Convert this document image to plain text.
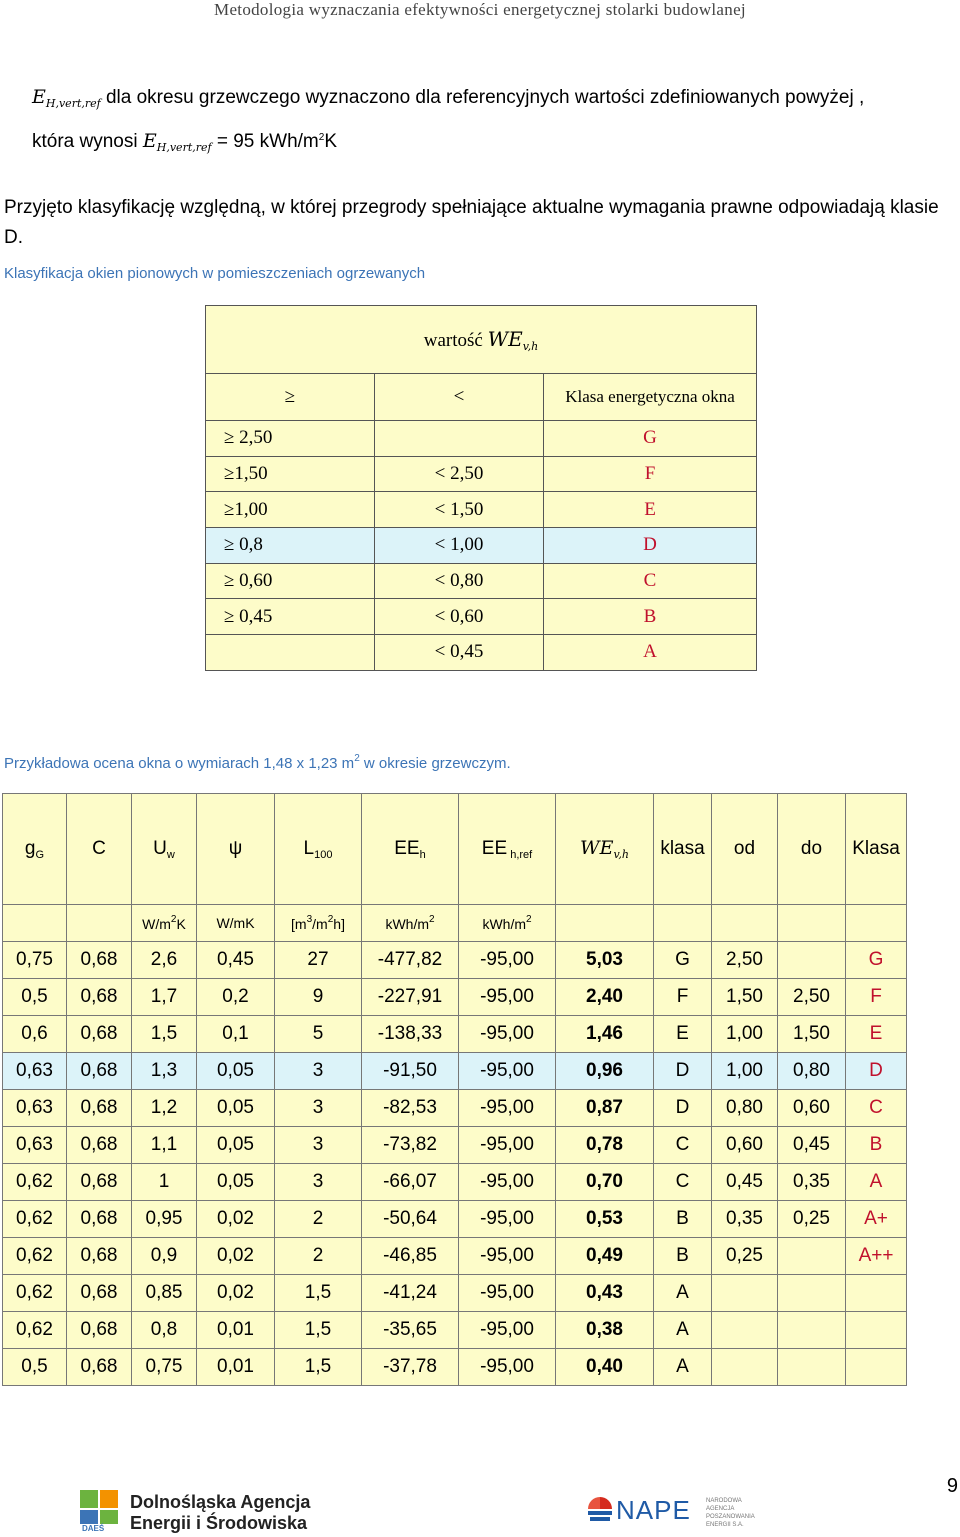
Metodologia wyznaczania efektywności energetycznej stolarki budowlanej
$E_{H,vert,ref}$ dla okresu grzewczego wyznaczono dla referencyjnych wartości zdefiniowanych powyżej ,
która wynosi $E_{H,vert,ref} = 95$ kWh/$m^2K$
Przyjęto klasyfikację względną, w której przegrody spełniające aktualne wymagania prawne odpowiadają klasie D.
Klasyfikacja okien pionowych w pomieszczeniach ogrzewanych
wartość $WE_{v,h}$
≥	<	Klasa energetyczna okna
≥ 2,50		G
≥1,50	< 2,50	F
≥1,00	< 1,50	E
≥ 0,8	< 1,00	D
≥ 0,60	< 0,80	C
≥ 0,45	< 0,60	B
	< 0,45	A
Przykładowa ocena okna o wymiarach 1,48 x 1,23 $m^2$ w okresie grzewczym.
$g_G$	C	$U_w$	ψ	$L_{100}$	$EE_h$	EE $_{h,ref}$	$WE_{v,h}$	klasa	od	do	Klasa
		$W/m^2K$	W/mK	$[m^3/m^2h]$	kWh/$m^2$	kWh/$m^2$					
0,75	0,68	2,6	0,45	27	-477,82	-95,00	5,03	G	2,50		G
0,5	0,68	1,7	0,2	9	-227,91	-95,00	2,40	F	1,50	2,50	F
0,6	0,68	1,5	0,1	5	-138,33	-95,00	1,46	E	1,00	1,50	E
0,63	0,68	1,3	0,05	3	-91,50	-95,00	0,96	D	1,00	0,80	D
0,63	0,68	1,2	0,05	3	-82,53	-95,00	0,87	D	0,80	0,60	C
0,63	0,68	1,1	0,05	3	-73,82	-95,00	0,78	C	0,60	0,45	B
0,62	0,68	1	0,05	3	-66,07	-95,00	0,70	C	0,45	0,35	A
0,62	0,68	0,95	0,02	2	-50,64	-95,00	0,53	B	0,35	0,25	A+
0,62	0,68	0,9	0,02	2	-46,85	-95,00	0,49	B	0,25		A++
0,62	0,68	0,85	0,02	1,5	-41,24	-95,00	0,43	A			
0,62	0,68	0,8	0,01	1,5	-35,65	-95,00	0,38	A			
0,5	0,68	0,75	0,01	1,5	-37,78	-95,00	0,40	A			
9
DAEŚ
Dolnośląska Agencja
Energii i Środowiska	NAPE	NARODOWA
AGENCJA
POSZANOWANIA
ENERGII S.A.
